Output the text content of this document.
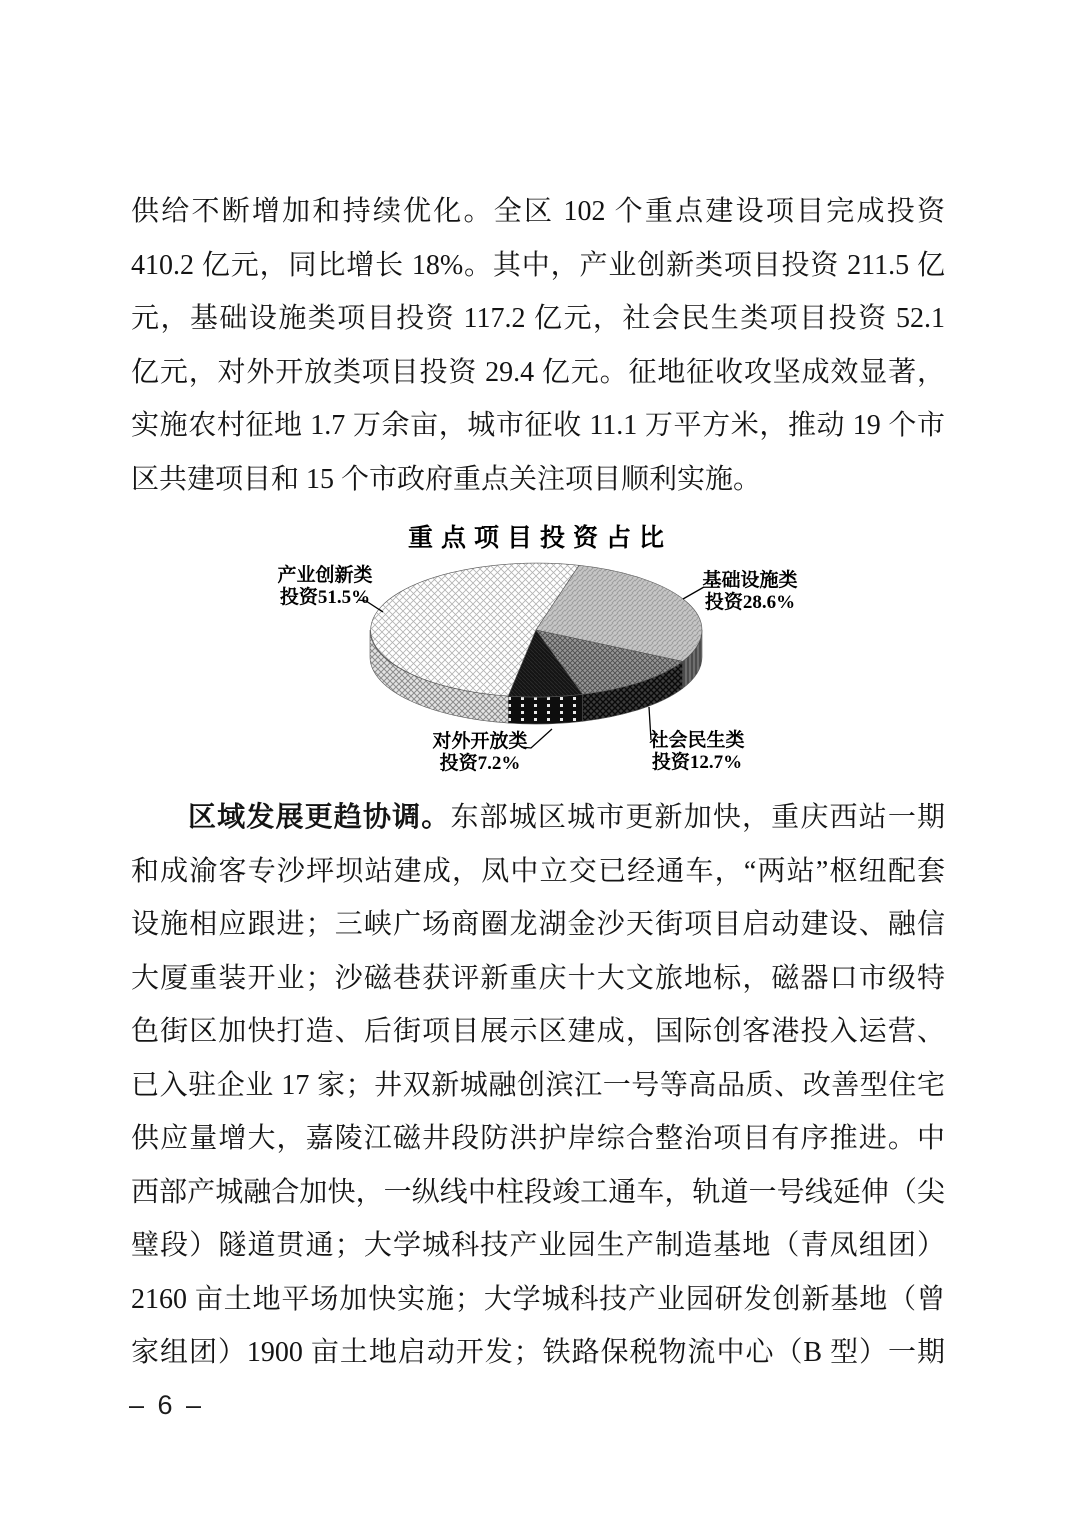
供给不断增加和持续优化。全区 102 个重点建设项目完成投资
410.2 亿元，同比增长 18%。其中，产业创新类项目投资 211.5 亿
元，基础设施类项目投资 117.2 亿元，社会民生类项目投资 52.1
亿元，对外开放类项目投资 29.4 亿元。征地征收攻坚成效显著，
实施农村征地 1.7 万余亩，城市征收 11.1 万平方米，推动 19 个市
区共建项目和 15 个市政府重点关注项目顺利实施。
重点项目投资占比
产业创新类
投资51.5%
基础设施类
投资28.6%
社会民生类
投资12.7%
对外开放类
投资7.2%
区域发展更趋协调。东部城区城市更新加快，重庆西站一期
和成渝客专沙坪坝站建成，凤中立交已经通车，“两站”枢纽配套
设施相应跟进；三峡广场商圈龙湖金沙天街项目启动建设、融信
大厦重装开业；沙磁巷获评新重庆十大文旅地标，磁器口市级特
色街区加快打造、后街项目展示区建成，国际创客港投入运营、
已入驻企业 17 家；井双新城融创滨江一号等高品质、改善型住宅
供应量增大，嘉陵江磁井段防洪护岸综合整治项目有序推进。中
西部产城融合加快，一纵线中柱段竣工通车，轨道一号线延伸（尖
璧段）隧道贯通；大学城科技产业园生产制造基地（青凤组团）
2160 亩土地平场加快实施；大学城科技产业园研发创新基地（曾
家组团）1900 亩土地启动开发；铁路保税物流中心（B 型）一期
– 6 –
